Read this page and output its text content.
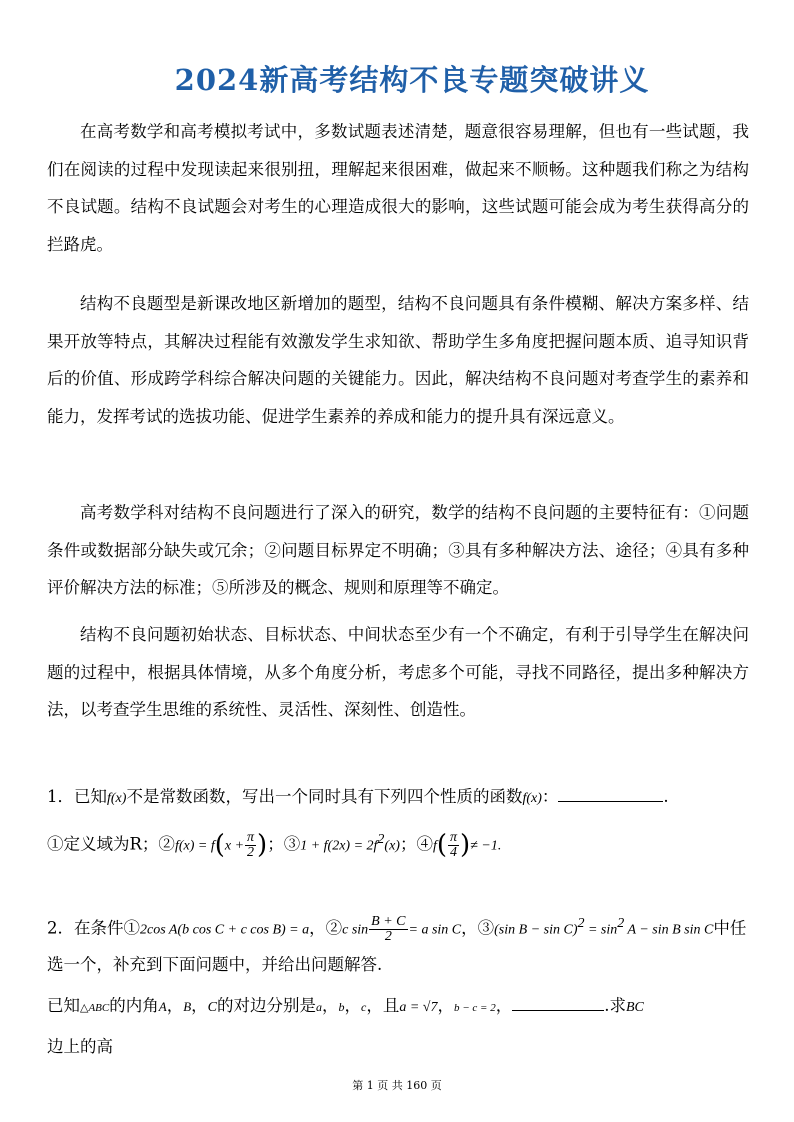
2024新高考结构不良专题突破讲义

在高考数学和高考模拟考试中，多数试题表述清楚，题意很容易理解，但也有一些试题，我们在阅读的过程中发现读起来很别扭，理解起来很困难，做起来不顺畅。这种题我们称之为结构不良试题。结构不良试题会对考生的心理造成很大的影响，这些试题可能会成为考生获得高分的拦路虎。

结构不良题型是新课改地区新增加的题型，结构不良问题具有条件模糊、解决方案多样、结果开放等特点，其解决过程能有效激发学生求知欲、帮助学生多角度把握问题本质、追寻知识背后的价值、形成跨学科综合解决问题的关键能力。因此，解决结构不良问题对考查学生的素养和能力，发挥考试的选拔功能、促进学生素养的养成和能力的提升具有深远意义。

高考数学科对结构不良问题进行了深入的研究，数学的结构不良问题的主要特征有：①问题条件或数据部分缺失或冗余；②问题目标界定不明确；③具有多种解决方法、途径；④具有多种评价解决方法的标准；⑤所涉及的概念、规则和原理等不确定。

结构不良问题初始状态、目标状态、中间状态至少有一个不确定，有利于引导学生在解决问题的过程中，根据具体情境，从多个角度分析，考虑多个可能，寻找不同路径，提出多种解决方法，以考查学生思维的系统性、灵活性、深刻性、创造性。

1．已知f(x)不是常数函数，写出一个同时具有下列四个性质的函数f(x)：	.
①定义域为R；②f(x) = $f(x + \frac{\pi}{2}$ )；③1 + $f(2x) = 2f^2(x)$；④f( $\frac{\pi}{4}$ )≠ −1.
2．在条件①2cos A(b cos C + c cos B) = a，②c $\sin \frac{B + C}{2} = a$ sin C，③(sin $B - \sin C)^2 = \sin^2 A - \sin B$ sin C中任
选一个，补充到下面问题中，并给出问题解答.
已知△ABC的内角A，B，C的对边分别是a，b，c，且a = √7，b − c = 2，	.求BC
边上的高
第 1 页 共 160 页
